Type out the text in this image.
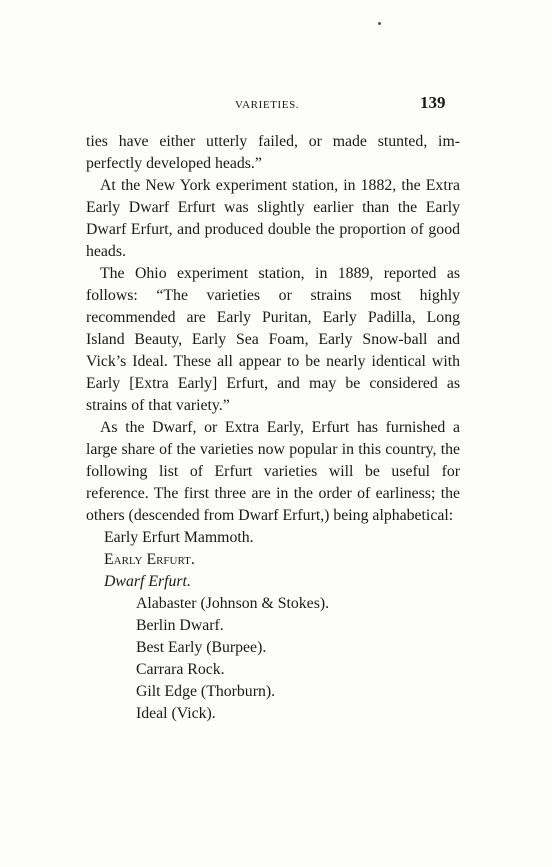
VARIETIES.	139

ties have either utterly failed, or made stunted, im-perfectly developed heads.”

At the New York experiment station, in 1882, the Extra Early Dwarf Erfurt was slightly earlier than the Early Dwarf Erfurt, and produced double the proportion of good heads.

The Ohio experiment station, in 1889, reported as follows: “The varieties or strains most highly recommended are Early Puritan, Early Padilla, Long Island Beauty, Early Sea Foam, Early Snow-ball and Vick’s Ideal. These all appear to be nearly identical with Early [Extra Early] Erfurt, and may be considered as strains of that variety.”

As the Dwarf, or Extra Early, Erfurt has furnished a large share of the varieties now popular in this country, the following list of Erfurt varieties will be useful for reference. The first three are in the order of earliness; the others (descended from Dwarf Erfurt,) being alphabetical:

Early Erfurt Mammoth.
Early Erfurt.
Dwarf Erfurt.
Alabaster (Johnson & Stokes).
Berlin Dwarf.
Best Early (Burpee).
Carrara Rock.
Gilt Edge (Thorburn).
Ideal (Vick).
